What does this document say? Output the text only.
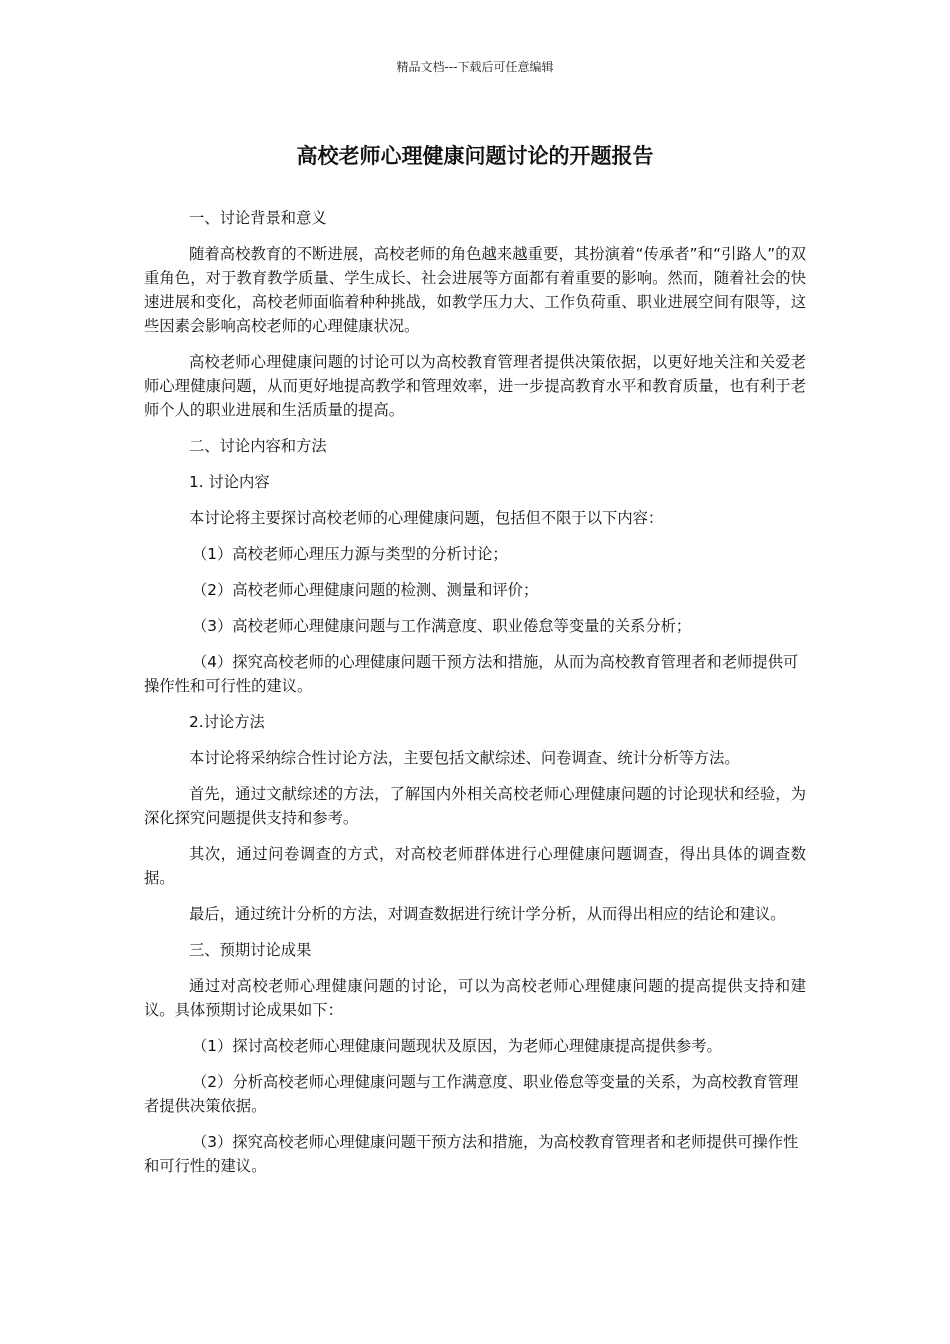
精品文档---下载后可任意编辑
高校老师心理健康问题讨论的开题报告

一、讨论背景和意义

随着高校教育的不断进展，高校老师的角色越来越重要，其扮演着“传承者”和“引路人”的双重角色，对于教育教学质量、学生成长、社会进展等方面都有着重要的影响。然而，随着社会的快速进展和变化，高校老师面临着种种挑战，如教学压力大、工作负荷重、职业进展空间有限等，这些因素会影响高校老师的心理健康状况。

高校老师心理健康问题的讨论可以为高校教育管理者提供决策依据，以更好地关注和关爱老师心理健康问题，从而更好地提高教学和管理效率，进一步提高教育水平和教育质量，也有利于老师个人的职业进展和生活质量的提高。

二、讨论内容和方法

1. 讨论内容

本讨论将主要探讨高校老师的心理健康问题，包括但不限于以下内容：

（1）高校老师心理压力源与类型的分析讨论；

（2）高校老师心理健康问题的检测、测量和评价；

（3）高校老师心理健康问题与工作满意度、职业倦怠等变量的关系分析；

（4）探究高校老师的心理健康问题干预方法和措施，从而为高校教育管理者和老师提供可操作性和可行性的建议。

2.讨论方法

本讨论将采纳综合性讨论方法，主要包括文献综述、问卷调查、统计分析等方法。

首先，通过文献综述的方法，了解国内外相关高校老师心理健康问题的讨论现状和经验，为深化探究问题提供支持和参考。

其次，通过问卷调查的方式，对高校老师群体进行心理健康问题调查，得出具体的调查数据。

最后，通过统计分析的方法，对调查数据进行统计学分析，从而得出相应的结论和建议。

三、预期讨论成果

通过对高校老师心理健康问题的讨论，可以为高校老师心理健康问题的提高提供支持和建议。具体预期讨论成果如下：

（1）探讨高校老师心理健康问题现状及原因，为老师心理健康提高提供参考。

（2）分析高校老师心理健康问题与工作满意度、职业倦怠等变量的关系，为高校教育管理者提供决策依据。

（3）探究高校老师心理健康问题干预方法和措施，为高校教育管理者和老师提供可操作性和可行性的建议。
